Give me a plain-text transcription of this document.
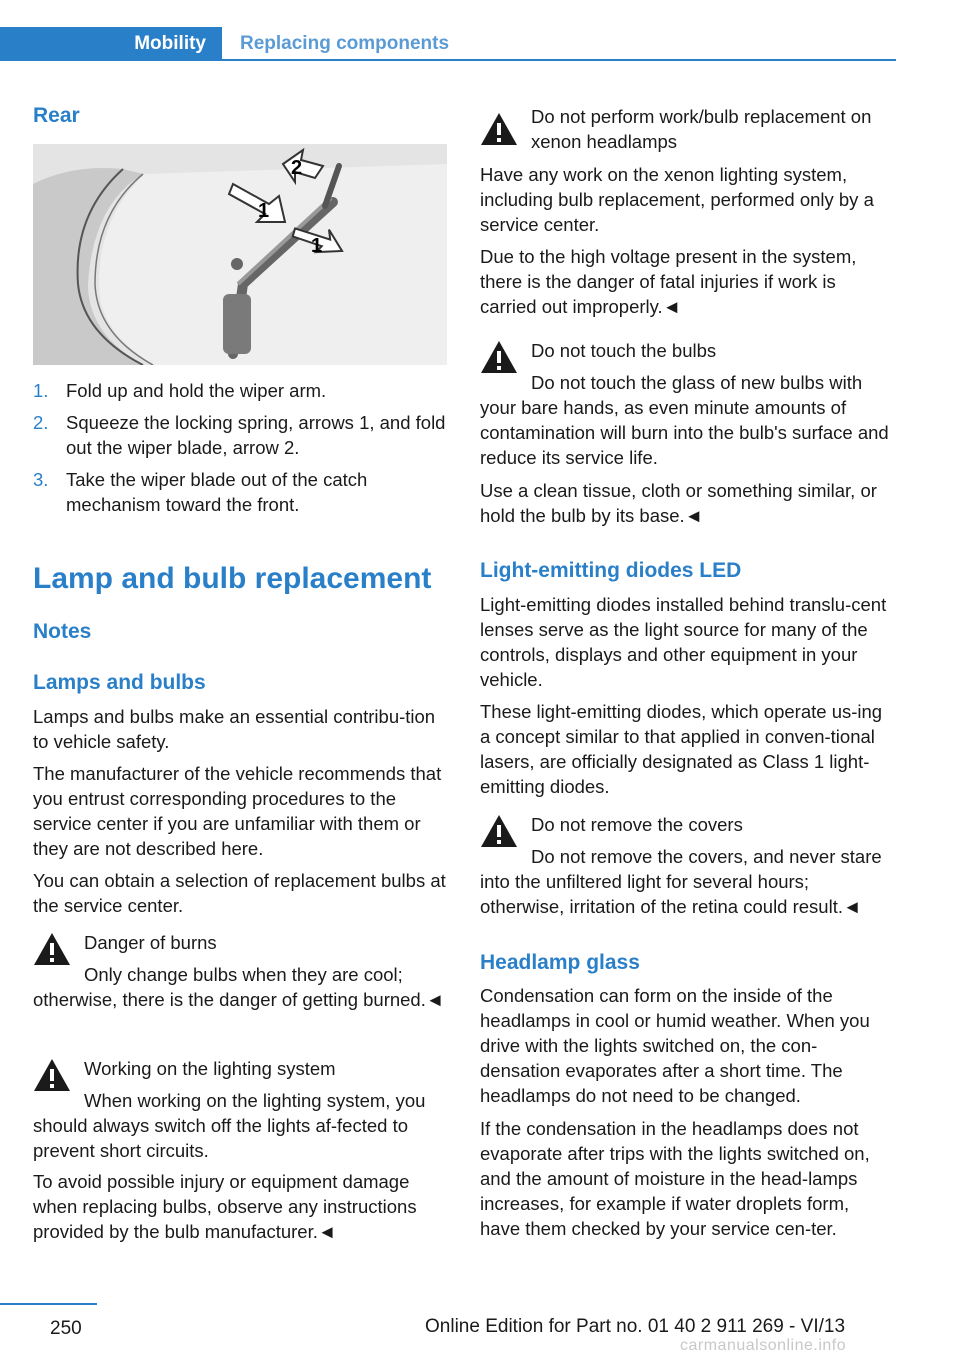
Mobility	Replacing components
Rear
1
2
1
1. Fold up and hold the wiper arm.
2. Squeeze the locking spring, arrows 1, and fold out the wiper blade, arrow 2.
3. Take the wiper blade out of the catch mechanism toward the front.
Lamp and bulb replacement
Notes
Lamps and bulbs

Lamps and bulbs make an essential contribu-tion to vehicle safety.

The manufacturer of the vehicle recommends that you entrust corresponding procedures to the service center if you are unfamiliar with them or they are not described here.

You can obtain a selection of replacement bulbs at the service center.

Danger of burns
Only change bulbs when they are cool; otherwise, there is the danger of getting burned.◄
Working on the lighting system
When working on the lighting system, you should always switch off the lights af-fected to prevent short circuits.

To avoid possible injury or equipment damage when replacing bulbs, observe any instructions provided by the bulb manufacturer.◄

Do not perform work/bulb replacement on xenon headlamps

Have any work on the xenon lighting system, including bulb replacement, performed only by a service center.

Due to the high voltage present in the system, there is the danger of fatal injuries if work is carried out improperly.◄

Do not touch the bulbs
Do not touch the glass of new bulbs with your bare hands, as even minute amounts of contamination will burn into the bulb's surface and reduce its service life.

Use a clean tissue, cloth or something similar, or hold the bulb by its base.◄

Light-emitting diodes LED

Light-emitting diodes installed behind translu-cent lenses serve as the light source for many of the controls, displays and other equipment in your vehicle.

These light-emitting diodes, which operate us-ing a concept similar to that applied in conven-tional lasers, are officially designated as Class 1 light-emitting diodes.

Do not remove the covers
Do not remove the covers, and never stare into the unfiltered light for several hours; otherwise, irritation of the retina could result.◄
Headlamp glass

Condensation can form on the inside of the headlamps in cool or humid weather. When you drive with the lights switched on, the con-densation evaporates after a short time. The headlamps do not need to be changed.

If the condensation in the headlamps does not evaporate after trips with the lights switched on, and the amount of moisture in the head-lamps increases, for example if water droplets form, have them checked by your service cen-ter.

250	Online Edition for Part no. 01 40 2 911 269 - VI/13
carmanualsonline.info
